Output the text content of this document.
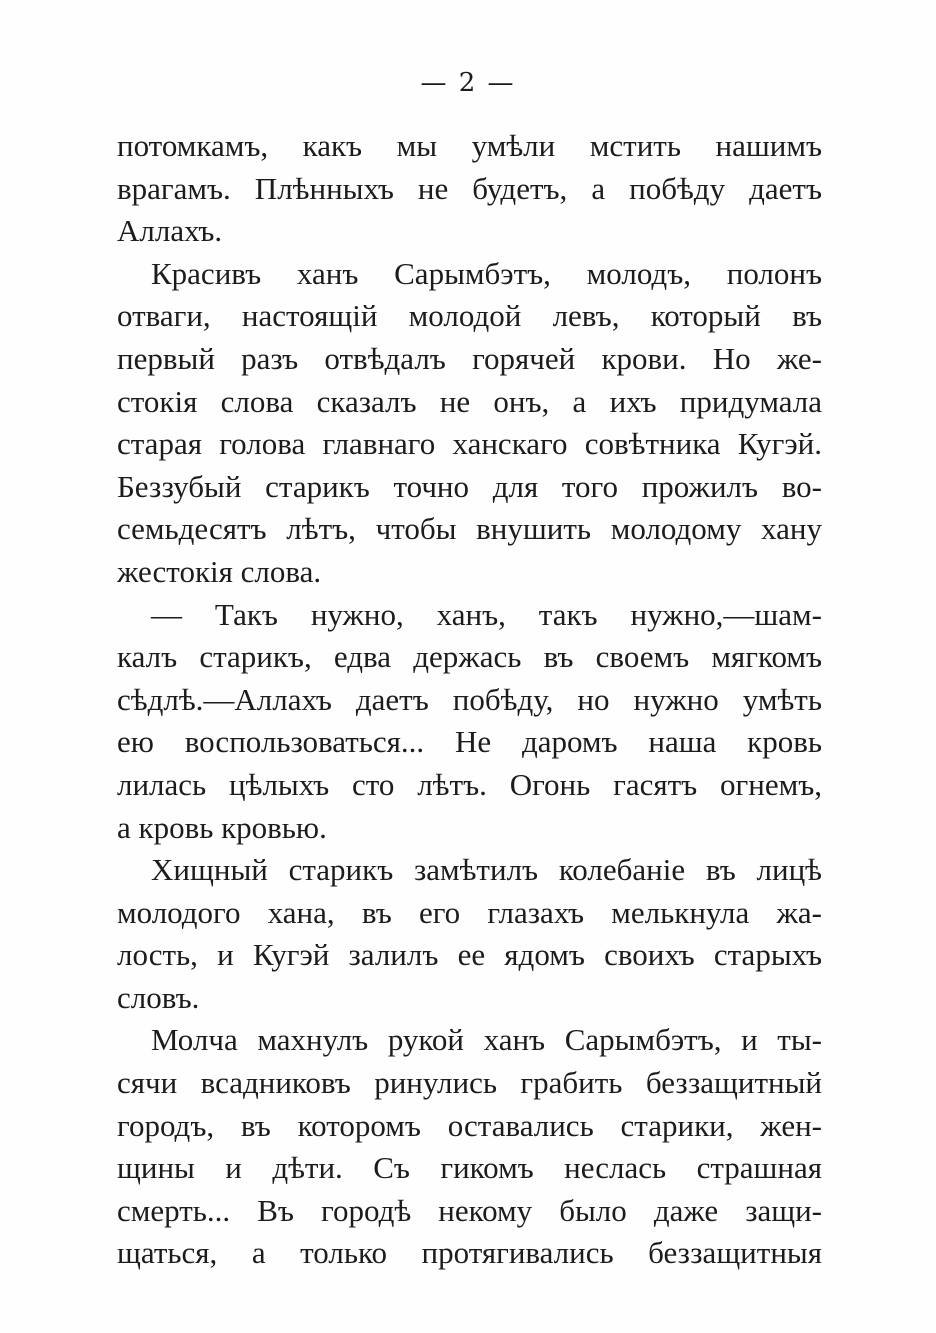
— 2 —
потомкамъ, какъ мы умѣли мстить нашимъ
врагамъ. Плѣнныхъ не будетъ, а побѣду даетъ
Аллахъ.
Красивъ ханъ Сарымбэтъ, молодъ, полонъ
отваги, настоящій молодой левъ, который въ
первый разъ отвѣдалъ горячей крови. Но же-
стокія слова сказалъ не онъ, а ихъ придумала
старая голова главнаго ханскаго совѣтника Кугэй.
Беззубый старикъ точно для того прожилъ во-
семьдесятъ лѣтъ, чтобы внушить молодому хану
жестокія слова.
— Такъ нужно, ханъ, такъ нужно,—шам-
калъ старикъ, едва держась въ своемъ мягкомъ
сѣдлѣ.—Аллахъ даетъ побѣду, но нужно умѣть
ею воспользоваться... Не даромъ наша кровь
лилась цѣлыхъ сто лѣтъ. Огонь гасятъ огнемъ,
а кровь кровью.
Хищный старикъ замѣтилъ колебаніе въ лицѣ
молодого хана, въ его глазахъ мелькнула жа-
лость, и Кугэй залилъ ее ядомъ своихъ старыхъ
словъ.
Молча махнулъ рукой ханъ Сарымбэтъ, и ты-
сячи всадниковъ ринулись грабить беззащитный
городъ, въ которомъ оставались старики, жен-
щины и дѣти. Съ гикомъ неслась страшная
смерть... Въ городѣ некому было даже защи-
щаться, а только протягивались беззащитныя
